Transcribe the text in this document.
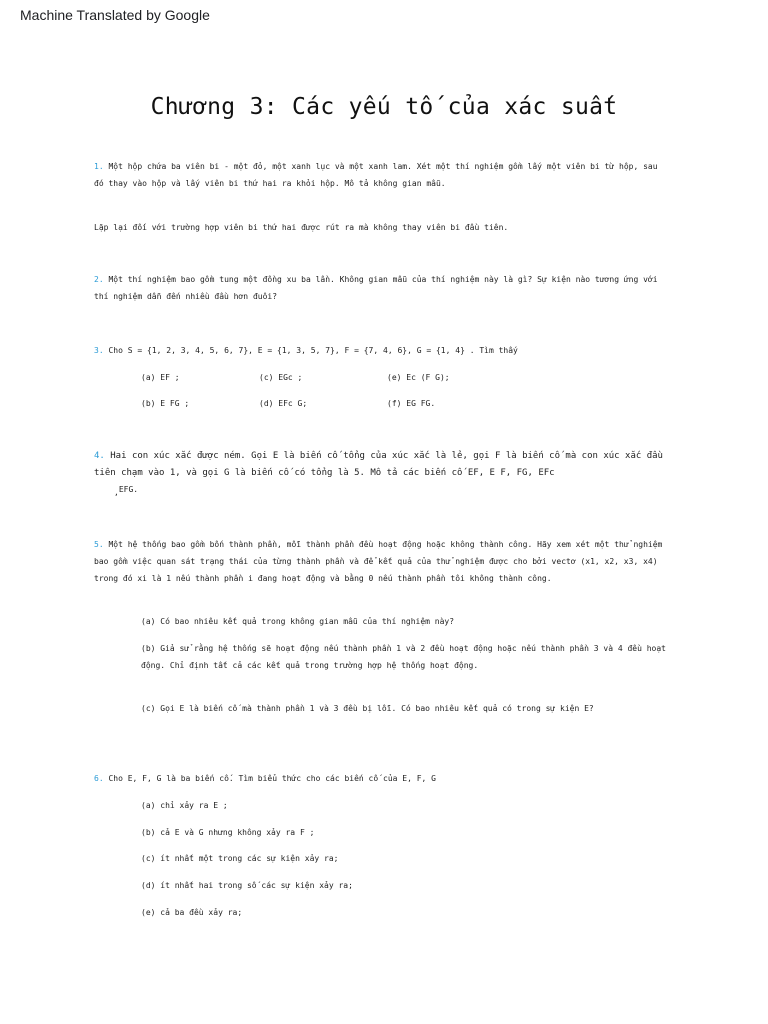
Machine Translated by Google
Chương 3: Các yếu tố của xác suất
1. Một hộp chứa ba viên bi - một đỏ, một xanh lục và một xanh lam. Xét một thí nghiệm gồm lấy một viên bi từ hộp, sau
đó thay vào hộp và lấy viên bi thứ hai ra khỏi hộp. Mô tả không gian mẫu.
Lặp lại đối với trường hợp viên bi thứ hai được rút ra mà không thay viên bi đầu tiên.
2. Một thí nghiệm bao gồm tung một đồng xu ba lần. Không gian mẫu của thí nghiệm này là gì? Sự kiện nào tương ứng với
thí nghiệm dẫn đến nhiều đầu hơn đuôi?
3. Cho S = {1, 2, 3, 4, 5, 6, 7}, E = {1, 3, 5, 7}, F = {7, 4, 6}, G = {1, 4} . Tìm thấy
(a) EF ;	(c) EGc ;	(e) Ec (F G);
(b) E FG ;	(d) EFc G;	(f) EG FG.
4. Hai con xúc xắc được ném. Gọi E là biến cố tổng của xúc xắc là lẻ, gọi F là biến cố mà con xúc xắc đầu
tiên chạm vào 1, và gọi G là biến cố có tổng là 5. Mô tả các biến cố EF, E F, FG, EFc
,EFG.
5. Một hệ thống bao gồm bốn thành phần, mỗi thành phần đều hoạt động hoặc không thành công. Hãy xem xét một thử nghiệm
bao gồm việc quan sát trạng thái của từng thành phần và để kết quả của thử nghiệm được cho bởi vectơ (x1, x2, x3, x4)
trong đó xi là 1 nếu thành phần i đang hoạt động và bằng 0 nếu thành phần tôi không thành công.
(a) Có bao nhiêu kết quả trong không gian mẫu của thí nghiệm này?
(b) Giả sử rằng hệ thống sẽ hoạt động nếu thành phần 1 và 2 đều hoạt động hoặc nếu thành phần 3 và 4 đều hoạt
động. Chỉ định tất cả các kết quả trong trường hợp hệ thống hoạt động.
(c) Gọi E là biến cố mà thành phần 1 và 3 đều bị lỗi. Có bao nhiêu kết quả có trong sự kiện E?
6. Cho E, F, G là ba biến cố. Tìm biểu thức cho các biến cố của E, F, G
(a) chỉ xảy ra E ;
(b) cả E và G nhưng không xảy ra F ;
(c) ít nhất một trong các sự kiện xảy ra;
(d) ít nhất hai trong số các sự kiện xảy ra;
(e) cả ba đều xảy ra;
